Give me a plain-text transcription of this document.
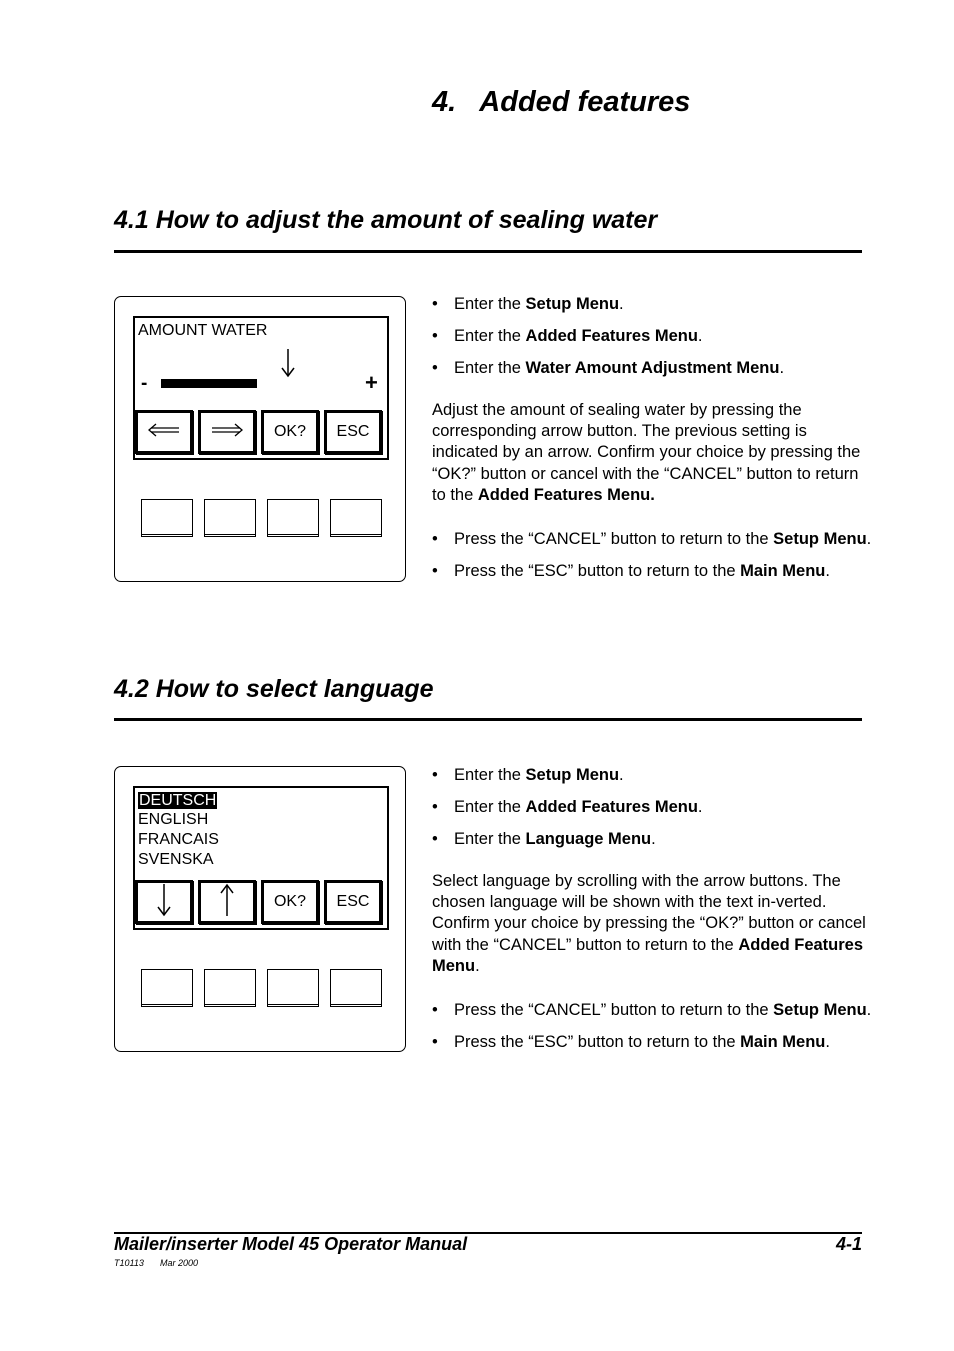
4.   Added features
4.1 How to adjust the amount of sealing water
AMOUNT WATER
-	+
OK?	ESC
• Enter the Setup Menu.
• Enter the Added Features Menu.
• Enter the Water Amount Adjustment Menu.
Adjust the amount of sealing water by pressing the corresponding arrow button. The previous setting is indicated by an arrow. Confirm your choice by pressing the “OK?” button or cancel with the “CANCEL” button to return to the Added Features Menu.
• Press the “CANCEL” button to return to the Setup Menu.
• Press the “ESC” button to return to the Main Menu.
4.2 How to select language
DEUTSCH
ENGLISH
FRANCAIS
SVENSKA
OK?	ESC
• Enter the Setup Menu.
• Enter the Added Features Menu.
• Enter the Language Menu.
Select language by scrolling with the arrow buttons. The chosen language will be shown with the text in-verted. Confirm your choice by pressing the “OK?” button or cancel with the “CANCEL” button to return to the Added Features Menu.
• Press the “CANCEL” button to return to the Setup Menu.
• Press the “ESC” button to return to the Main Menu.
Mailer/inserter Model 45 Operator Manual	4-1
T10113 Mar 2000
